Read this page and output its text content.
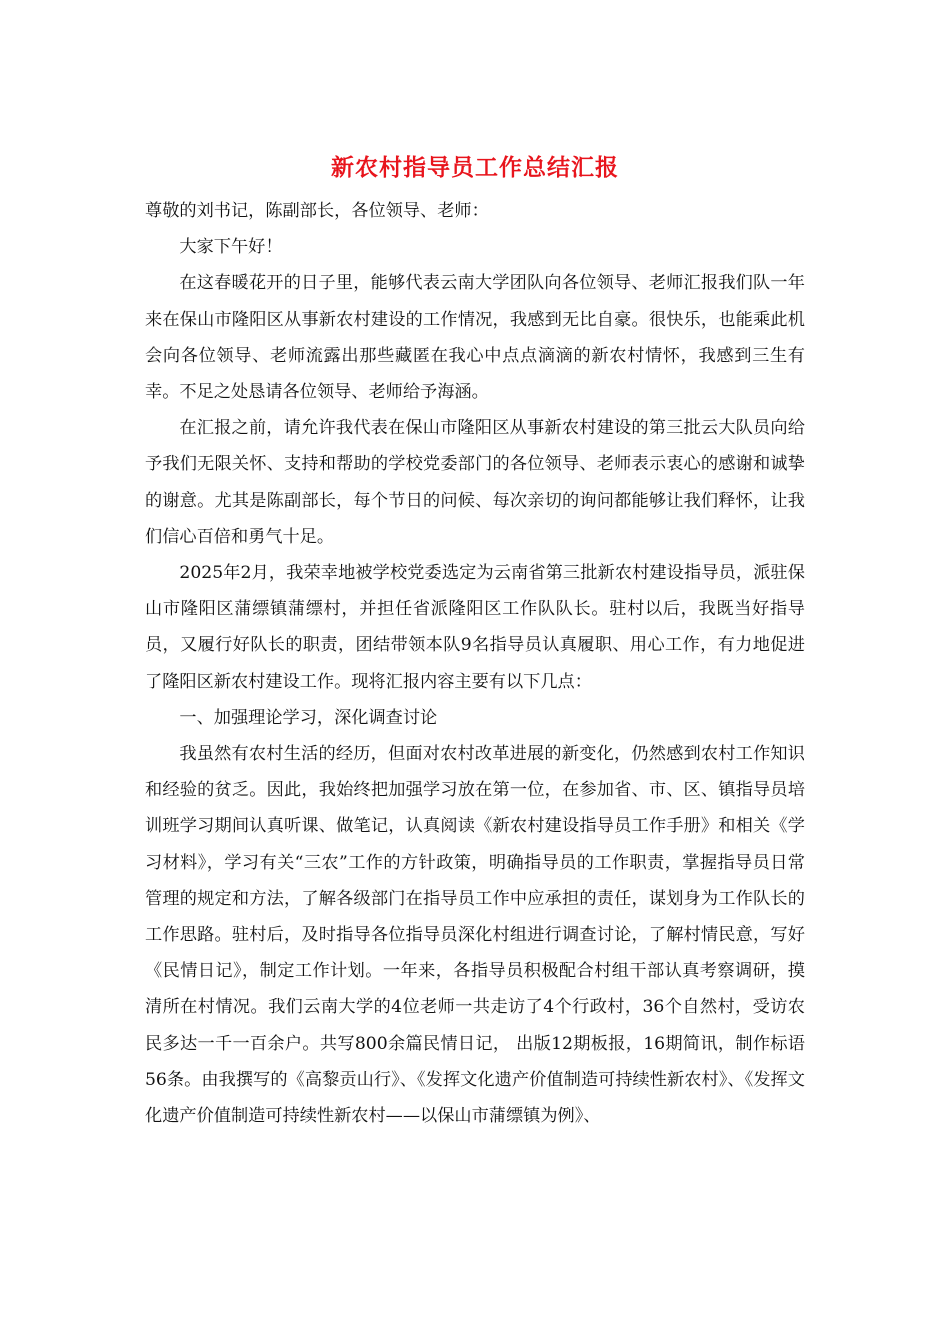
新农村指导员工作总结汇报

尊敬的刘书记，陈副部长，各位领导、老师：

大家下午好！

在这春暖花开的日子里，能够代表云南大学团队向各位领导、老师汇报我们队一年来在保山市隆阳区从事新农村建设的工作情况，我感到无比自豪。很快乐，也能乘此机会向各位领导、老师流露出那些藏匿在我心中点点滴滴的新农村情怀，我感到三生有幸。不足之处恳请各位领导、老师给予海涵。

在汇报之前，请允许我代表在保山市隆阳区从事新农村建设的第三批云大队员向给予我们无限关怀、支持和帮助的学校党委部门的各位领导、老师表示衷心的感谢和诚挚的谢意。尤其是陈副部长，每个节日的问候、每次亲切的询问都能够让我们释怀，让我们信心百倍和勇气十足。

2025年2月，我荣幸地被学校党委选定为云南省第三批新农村建设指导员，派驻保山市隆阳区蒲缥镇蒲缥村，并担任省派隆阳区工作队队长。驻村以后，我既当好指导员，又履行好队长的职责，团结带领本队9名指导员认真履职、用心工作，有力地促进了隆阳区新农村建设工作。现将汇报内容主要有以下几点：

一、加强理论学习，深化调查讨论

我虽然有农村生活的经历，但面对农村改革进展的新变化，仍然感到农村工作知识和经验的贫乏。因此，我始终把加强学习放在第一位，在参加省、市、区、镇指导员培训班学习期间认真听课、做笔记，认真阅读《新农村建设指导员工作手册》和相关《学习材料》，学习有关“三农”工作的方针政策，明确指导员的工作职责，掌握指导员日常管理的规定和方法，了解各级部门在指导员工作中应承担的责任，谋划身为工作队长的工作思路。驻村后，及时指导各位指导员深化村组进行调查讨论，了解村情民意，写好《民情日记》，制定工作计划。一年来，各指导员积极配合村组干部认真考察调研，摸清所在村情况。我们云南大学的4位老师一共走访了4个行政村，36个自然村，受访农民多达一千一百余户。共写800余篇民情日记， 出版12期板报，16期简讯，制作标语56条。由我撰写的《高黎贡山行》、《发挥文化遗产价值制造可持续性新农村》、《发挥文化遗产价值制造可持续性新农村——以保山市蒲缥镇为例》、
